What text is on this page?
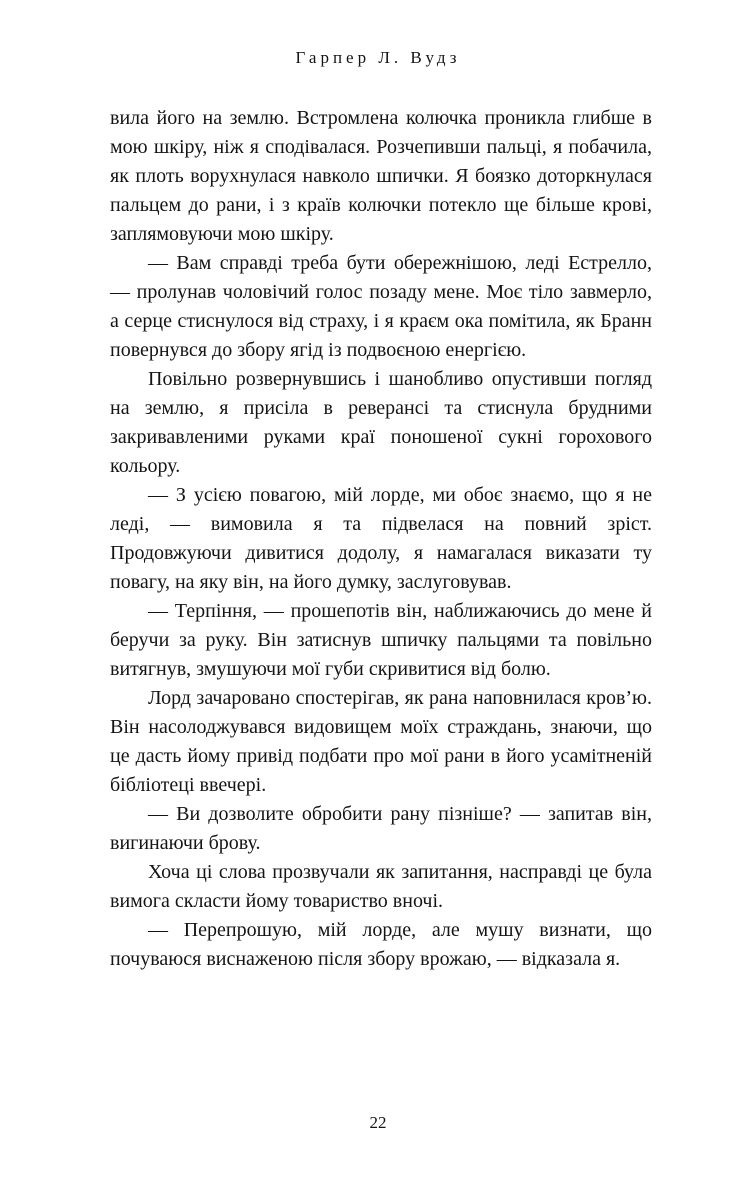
Гарпер Л. Вудз

вила його на землю. Встромлена колючка проникла глибше в мою шкіру, ніж я сподівалася. Розчепивши пальці, я побачила, як плоть ворухнулася навколо шпички. Я боязко доторкнулася пальцем до рани, і з країв колючки потекло ще більше крові, заплямовуючи мою шкіру.

— Вам справді треба бути обережнішою, леді Естрелло, — пролунав чоловічий голос позаду мене. Моє тіло завмерло, а серце стиснулося від страху, і я краєм ока помітила, як Бранн повернувся до збору ягід із подвоєною енергією.

Повільно розвернувшись і шанобливо опустивши погляд на землю, я присіла в реверансі та стиснула брудними закривавленими руками краї поношеної сукні горохового кольору.

— З усією повагою, мій лорде, ми обоє знаємо, що я не леді, — вимовила я та підвелася на повний зріст. Продовжуючи дивитися додолу, я намагалася виказати ту повагу, на яку він, на його думку, заслуговував.

— Терпіння, — прошепотів він, наближаючись до мене й беручи за руку. Він затиснув шпичку пальцями та повільно витягнув, змушуючи мої губи скривитися від болю.

Лорд зачаровано спостерігав, як рана наповнилася кров’ю. Він насолоджувався видовищем моїх страждань, знаючи, що це дасть йому привід подбати про мої рани в його усамітненій бібліотеці ввечері.

— Ви дозволите обробити рану пізніше? — запитав він, вигинаючи брову.

Хоча ці слова прозвучали як запитання, насправді це була вимога скласти йому товариство вночі.

— Перепрошую, мій лорде, але мушу визнати, що почуваюся виснаженою після збору врожаю, — відказала я.

22
